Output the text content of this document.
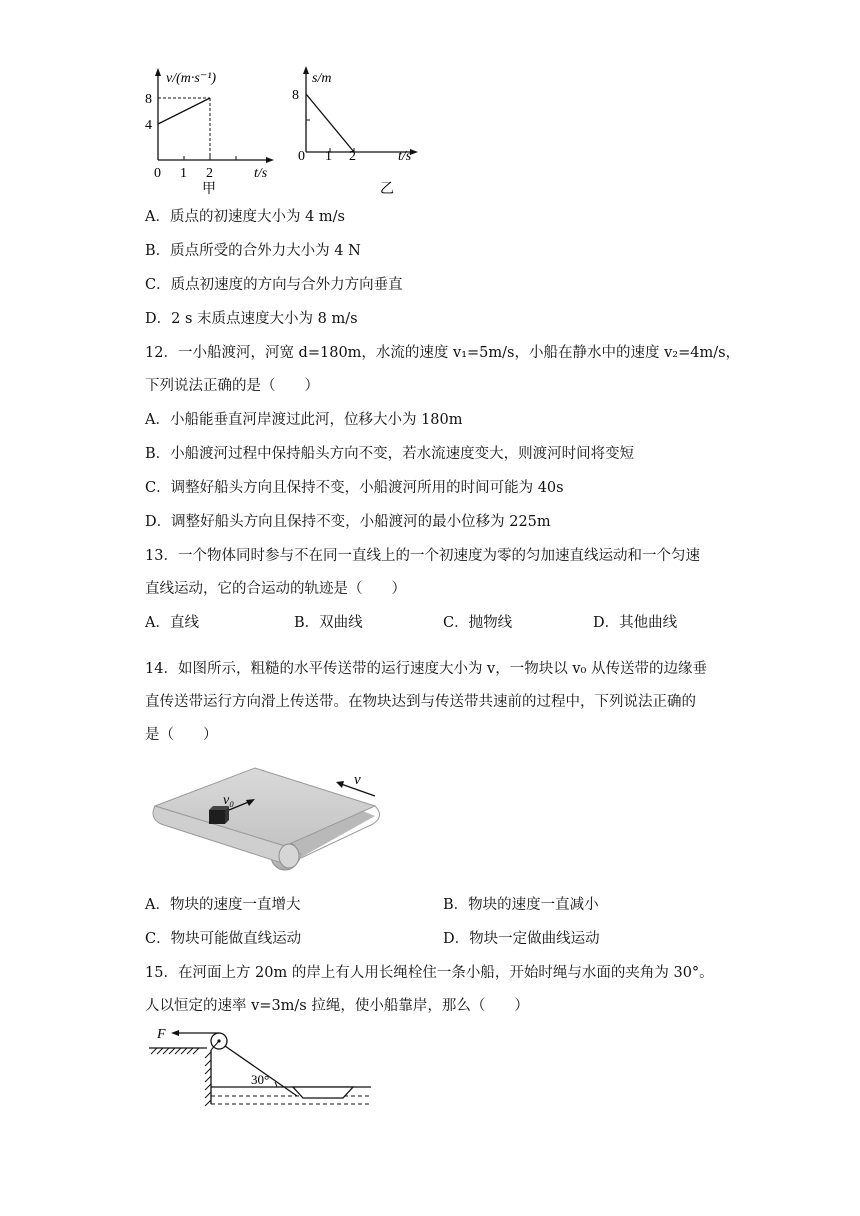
v/(m·s⁻¹)
8
4
0 1 2	t/s
甲
s/m
8
0 1 2	t/s
乙
A．质点的初速度大小为 4 m/s
B．质点所受的合外力大小为 4 N
C．质点初速度的方向与合外力方向垂直
D．2 s 末质点速度大小为 8 m/s
12．一小船渡河，河宽 d=180m，水流的速度 v₁=5m/s，小船在静水中的速度 v₂=4m/s，
下列说法正确的是（　　）
A．小船能垂直河岸渡过此河，位移大小为 180m
B．小船渡河过程中保持船头方向不变，若水流速度变大，则渡河时间将变短
C．调整好船头方向且保持不变，小船渡河所用的时间可能为 40s
D．调整好船头方向且保持不变，小船渡河的最小位移为 225m
13．一个物体同时参与不在同一直线上的一个初速度为零的匀加速直线运动和一个匀速
直线运动，它的合运动的轨迹是（　　）
A．直线	B．双曲线	C．抛物线	D．其他曲线
14．如图所示，粗糙的水平传送带的运行速度大小为 v，一物块以 v₀ 从传送带的边缘垂
直传送带运行方向滑上传送带。在物块达到与传送带共速前的过程中，下列说法正确的
是（　　）
v₀
v
A．物块的速度一直增大	B．物块的速度一直减小
C．物块可能做直线运动	D．物块一定做曲线运动
15．在河面上方 20m 的岸上有人用长绳栓住一条小船，开始时绳与水面的夹角为 30°。
人以恒定的速率 v=3m/s 拉绳，使小船靠岸，那么（　　）
F
30°
